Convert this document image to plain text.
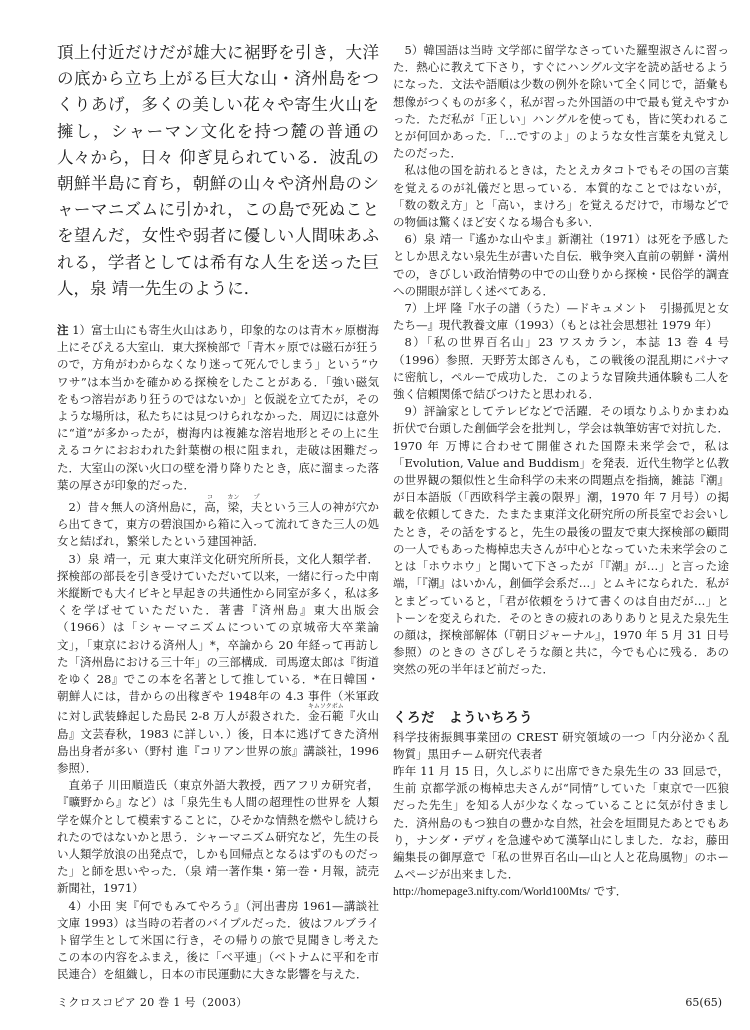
頂上付近だけだが雄大に裾野を引き，大洋の底から立ち上がる巨大な山・済州島をつくりあげ，多くの美しい花々や寄生火山を擁し，シャーマン文化を持つ麓の普通の人々から，日々 仰ぎ見られている．波乱の朝鮮半島に育ち，朝鮮の山々や済州島のシャーマニズムに引かれ，この島で死ぬことを望んだ，女性や弱者に優しい人間味あふれる，学者としては希有な人生を送った巨人，泉 靖一先生のように．

注 1）富士山にも寄生火山はあり，印象的なのは青木ヶ原樹海上にそびえる大室山．東大探検部で「青木ヶ原では磁石が狂うので，方角がわからなくなり迷って死んでしまう」という“ウワサ”は本当かを確かめる探検をしたことがある．「強い磁気をもつ溶岩があり狂うのではないか」と仮説を立てたが，そのような場所は，私たちには見つけられなかった．周辺には意外に“道”が多かったが，樹海内は複雑な溶岩地形とその上に生えるコケにおおわれた針葉樹の根に阻まれ，走破は困難だった．大室山の深い火口の壁を滑り降りたとき，底に溜まった落葉の厚さが印象的だった．

2）昔々無人の済州島に，高コ，梁カン，夫プという三人の神が穴から出てきて，東方の碧浪国から箱に入って流れてきた三人の処女と結ばれ，繁栄したという建国神話．

3）泉 靖一，元 東大東洋文化研究所所長，文化人類学者．探検部の部長を引き受けていただいて以来，一緒に行った中南米縦断でも大イビキと早起きの共通性から同室が多く，私は多くを学ばせていただいた．著書『済州島』東大出版会（1966）は「シャーマニズムについての京城帝大卒業論文」，「東京における済州人」*，卒論から 20 年経って再訪した「済州島における三十年」の三部構成．司馬遼太郎は『街道をゆく 28』でこの本を名著として推している．*在日韓国・朝鮮人には，昔からの出稼ぎや 1948年の 4.3 事件（米軍政に対し武装蜂起した島民 2-8 万人が殺された．金石範キムソクボム『火山島』文芸春秋，1983 に詳しい．）後，日本に逃げてきた済州島出身者が多い（野村 進『コリアン世界の旅』講談社，1996 参照）．

直弟子 川田順造氏（東京外語大教授，西アフリカ研究者，『曠野から』など）は「泉先生も人間の超理性の世界を 人類学を媒介として模索することに，ひそかな情熱を燃やし続けられたのではないかと思う．シャーマニズム研究など，先生の長い人類学放浪の出発点で，しかも回帰点となるはずのものだった」と師を思いやった．（泉 靖一著作集・第一巻・月報，読売新聞社，1971）

4）小田 実『何でもみてやろう』（河出書房 1961—講談社文庫 1993）は当時の若者のバイブルだった．彼はフルブライト留学生として米国に行き，その帰りの旅で見聞きし考えた この本の内容をふまえ，後に「ベ平連」（ベトナムに平和を市民連合）を組織し，日本の市民運動に大きな影響を与えた．

5）韓国語は当時 文学部に留学なさっていた羅聖淑さんに習った．熱心に教えて下さり，すぐにハングル文字を読め話せるようになった．文法や語順は少数の例外を除いて全く同じで，語彙も想像がつくものが多く，私が習った外国語の中で最も覚えやすかった．ただ私が「正しい」ハングルを使っても，皆に笑われることが何回かあった．「…ですのよ」のような女性言葉を丸覚えしたのだった．

私は他の国を訪れるときは，たとえカタコトでもその国の言葉を覚えるのが礼儀だと思っている．本質的なことではないが，「数の数え方」と「高い，まけろ」を覚えるだけで，市場などでの物価は驚くほど安くなる場合も多い．

6）泉 靖一『遙かな山やま』新潮社（1971）は死を予感したとしか思えない泉先生が書いた自伝．戦争突入直前の朝鮮・満州での，きびしい政治情勢の中での山登りから探検・民俗学的調査への開眼が詳しく述べてある．

7）上坪 隆『水子の譜（うた）—ドキュメント　引揚孤児と女たち—』現代教養文庫（1993）（もとは社会思想社 1979 年）

8）「私の世界百名山」23 ワスカラン，本誌 13 巻 4 号（1996）参照．天野芳太郎さんも，この戦後の混乱期にパナマに密航し，ペルーで成功した．このような冒険共通体験も二人を強く信頼関係で結びつけたと思われる．

9）評論家としてテレビなどで活躍．その頃なりふりかまわぬ折伏で台頭した創価学会を批判し，学会は執筆妨害で対抗した．1970 年 万博に合わせて開催された国際未来学会で，私は「Evolution, Value and Buddism」を発表．近代生物学と仏教の世界観の類似性と生命科学の未来の問題点を指摘，雑誌『潮』が日本語版（「西欧科学主義の限界」潮，1970 年 7 月号）の掲載を依頼してきた．たまたま東洋文化研究所の所長室でお会いしたとき，その話をすると，先生の最後の盟友で東大探検部の顧問の一人でもあった梅棹忠夫さんが中心となっていた未来学会のことは「ホウホウ」と聞いて下さったが「『潮』が…」と言った途端，「『潮』はいかん，創価学会系だ…」とムキになられた．私がとまどっていると，「君が依頼をうけて書くのは自由だが…」とトーンを変えられた．そのときの疲れのありありと見えた泉先生の顔は，探検部解体（『朝日ジャーナル』，1970 年 5 月 31 日号参照）のときの さびしそうな顔と共に，今でも心に残る．あの突然の死の半年ほど前だった．

くろだ　よういちろう

科学技術振興事業団の CREST 研究領域の一つ「内分泌かく乱物質」黒田チーム研究代表者

昨年 11 月 15 日，久しぶりに出席できた泉先生の 33 回忌で，生前 京都学派の梅棹忠夫さんが“同情”していた「東京で一匹狼だった先生」を知る人が少なくなっていることに気が付きました．済州島のもつ独自の豊かな自然，社会を垣間見たあとでもあり，ナンダ・デヴィを急遽やめて漢拏山にしました．なお，藤田編集長の御厚意で「私の世界百名山—山と人と花鳥風物」のホームページが出来ました．

http://homepage3.nifty.com/World100Mts/ です．

ミクロスコピア 20 巻 1 号（2003）	65(65)
